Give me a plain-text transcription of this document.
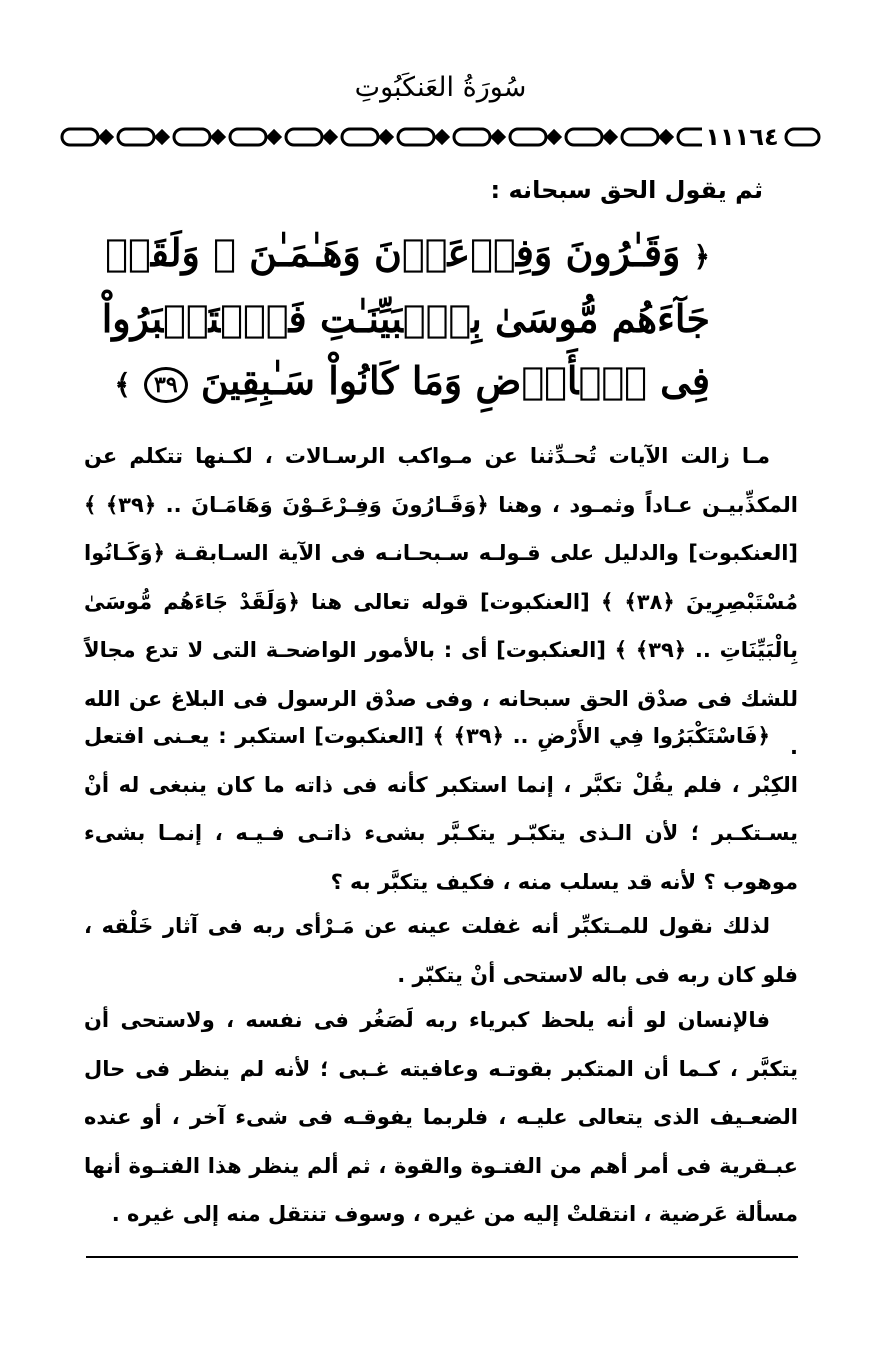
سُورَةُ العَنكَبُوتِ
١١١٦٤
ثم يقول الحق سبحانه :
﴿ وَقَـٰرُونَ وَفِرۡعَوۡنَ وَهَـٰمَـٰنَ ۖ وَلَقَدۡ
جَآءَهُم مُّوسَىٰ بِٱلۡبَيِّنَـٰتِ فَٱسۡتَكۡبَرُواْ
فِى ٱلۡأَرۡضِ وَمَا كَانُواْ سَـٰبِقِينَ ٣٩ ﴾

مـا زالت الآيات تُحـدِّثنا عن مـواكب الرسـالات ، لكـنها تتكلم عن المكذِّبيـن عـاداً وثمـود ، وهنا ﴿وَقَـارُونَ وَفِـرْعَـوْنَ وَهَامَـانَ .. ﴿٣٩﴾ ﴾ [العنكبوت] والدليل على قـولـه سـبحـانـه فى الآية السـابقـة ﴿وَكَـانُوا مُسْتَبْصِرِينَ ﴿٣٨﴾ ﴾ [العنكبوت] قوله تعالى هنا ﴿وَلَقَدْ جَاءَهُم مُّوسَىٰ بِالْبَيِّنَاتِ .. ﴿٣٩﴾ ﴾ [العنكبوت] أى : بالأمور الواضحـة التى لا تدع مجالاً للشك فى صدْق الحق سبحانه ، وفى صدْق الرسول فى البلاغ عن الله .

﴿فَاسْتَكْبَرُوا فِي الأَرْضِ .. ﴿٣٩﴾ ﴾ [العنكبوت] استكبر : يعـنى افتعل الكِبْر ، فلم يقُلْ تكبَّر ، إنما استكبر كأنه فى ذاته ما كان ينبغى له أنْ يسـتكـبر ؛ لأن الـذى يتكبّـر يتكـبَّر بشىء ذاتـى فـيـه ، إنمـا بشىء موهوب ؟ لأنه قد يسلب منه ، فكيف يتكبَّر به ؟

لذلك نقول للمـتكبِّر أنه غفلت عينه عن مَـرْأى ربه فى آثار خَلْقه ، فلو كان ربه فى باله لاستحى أنْ يتكبّر .

فالإنسان لو أنه يلحظ كبرياء ربه لَصَغُر فى نفسه ، ولاستحى أن يتكبَّر ، كـما أن المتكبر بقوتـه وعافيته غـبى ؛ لأنه لم ينظر فى حال الضعـيف الذى يتعالى عليـه ، فلربما يفوقـه فى شىء آخر ، أو عنده عبـقرية فى أمر أهم من الفتـوة والقوة ، ثم ألم ينظر هذا الفتـوة أنها مسألة عَرضية ، انتقلتْ إليه من غيره ، وسوف تنتقل منه إلى غيره .
